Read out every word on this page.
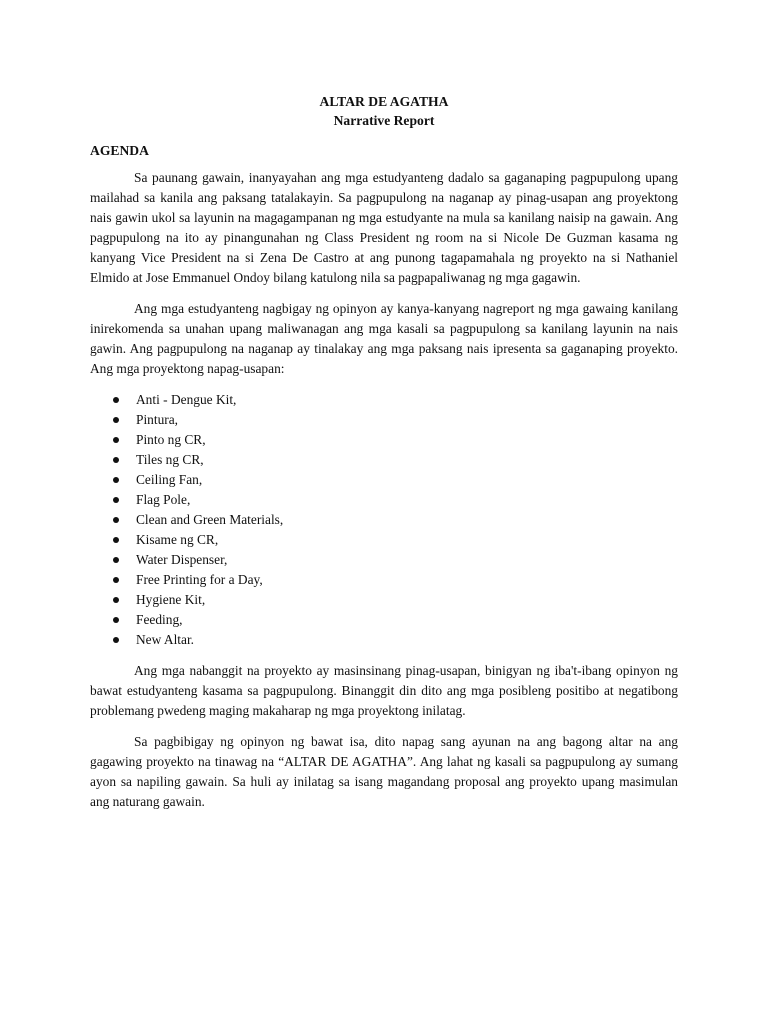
ALTAR DE AGATHA
Narrative Report
AGENDA

Sa paunang gawain, inanyayahan ang mga estudyanteng dadalo sa gaganaping pagpupulong upang mailahad sa kanila ang paksang tatalakayin. Sa pagpupulong na naganap ay pinag-usapan ang proyektong nais gawin ukol sa layunin na magagampanan ng mga estudyante na mula sa kanilang naisip na gawain. Ang pagpupulong na ito ay pinangunahan ng Class President ng room na si Nicole De Guzman kasama ng kanyang Vice President na si Zena De Castro at ang punong tagapamahala ng proyekto na si Nathaniel Elmido at Jose Emmanuel Ondoy bilang katulong nila sa pagpapaliwanag ng mga gagawin.

Ang mga estudyanteng nagbigay ng opinyon ay kanya-kanyang nagreport ng mga gawaing kanilang inirekomenda sa unahan upang maliwanagan ang mga kasali sa pagpupulong sa kanilang layunin na nais gawin. Ang pagpupulong na naganap ay tinalakay ang mga paksang nais ipresenta sa gaganaping proyekto. Ang mga proyektong napag-usapan:

Anti - Dengue Kit,
Pintura,
Pinto ng CR,
Tiles ng CR,
Ceiling Fan,
Flag Pole,
Clean and Green Materials,
Kisame ng CR,
Water Dispenser,
Free Printing for a Day,
Hygiene Kit,
Feeding,
New Altar.

Ang mga nabanggit na proyekto ay masinsinang pinag-usapan, binigyan ng iba't-ibang opinyon ng bawat estudyanteng kasama sa pagpupulong. Binanggit din dito ang mga posibleng positibo at negatibong problemang pwedeng maging makaharap ng mga proyektong inilatag.

Sa pagbibigay ng opinyon ng bawat isa, dito napag sang ayunan na ang bagong altar na ang gagawing proyekto na tinawag na “ALTAR DE AGATHA”. Ang lahat ng kasali sa pagpupulong ay sumang ayon sa napiling gawain. Sa huli ay inilatag sa isang magandang proposal ang proyekto upang masimulan ang naturang gawain.
